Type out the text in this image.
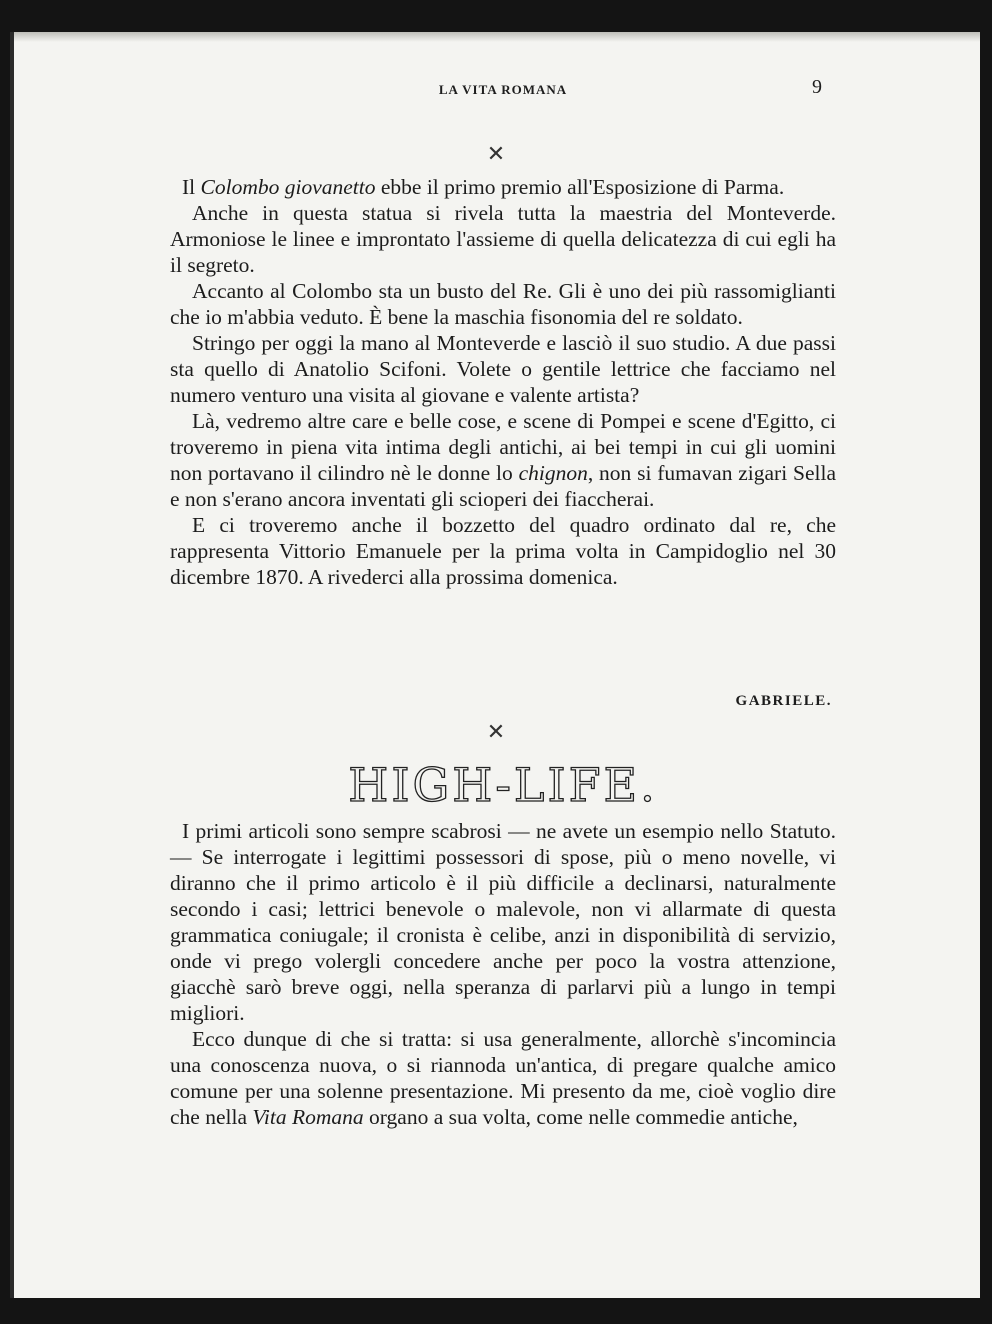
LA VITA ROMANA	9
✕

Il Colombo giovanetto ebbe il primo premio all'Esposizione di Parma.

Anche in questa statua si rivela tutta la maestria del Monteverde. Armoniose le linee e improntato l'assieme di quella delicatezza di cui egli ha il segreto.

Accanto al Colombo sta un busto del Re. Gli è uno dei più rassomiglianti che io m'abbia veduto. È bene la maschia fisonomia del re soldato.

Stringo per oggi la mano al Monteverde e lasciò il suo studio. A due passi sta quello di Anatolio Scifoni. Volete o gentile lettrice che facciamo nel numero venturo una visita al giovane e valente artista?

Là, vedremo altre care e belle cose, e scene di Pompei e scene d'Egitto, ci troveremo in piena vita intima degli antichi, ai bei tempi in cui gli uomini non portavano il cilindro nè le donne lo chignon, non si fumavan zigari Sella e non s'erano ancora inventati gli scioperi dei fiaccherai.

E ci troveremo anche il bozzetto del quadro ordinato dal re, che rappresenta Vittorio Emanuele per la prima volta in Campidoglio nel 30 dicembre 1870. A rivederci alla prossima domenica.

GABRIELE.
✕
HIGH-LIFE.

I primi articoli sono sempre scabrosi — ne avete un esempio nello Statuto. — Se interrogate i legittimi possessori di spose, più o meno novelle, vi diranno che il primo articolo è il più difficile a declinarsi, naturalmente secondo i casi; lettrici benevole o malevole, non vi allarmate di questa grammatica coniugale; il cronista è celibe, anzi in disponibilità di servizio, onde vi prego volergli concedere anche per poco la vostra attenzione, giacchè sarò breve oggi, nella speranza di parlarvi più a lungo in tempi migliori.

Ecco dunque di che si tratta: si usa generalmente, allorchè s'incomincia una conoscenza nuova, o si riannoda un'antica, di pregare qualche amico comune per una solenne presentazione. Mi presento da me, cioè voglio dire che nella Vita Romana organo a sua volta, come nelle commedie antiche,
